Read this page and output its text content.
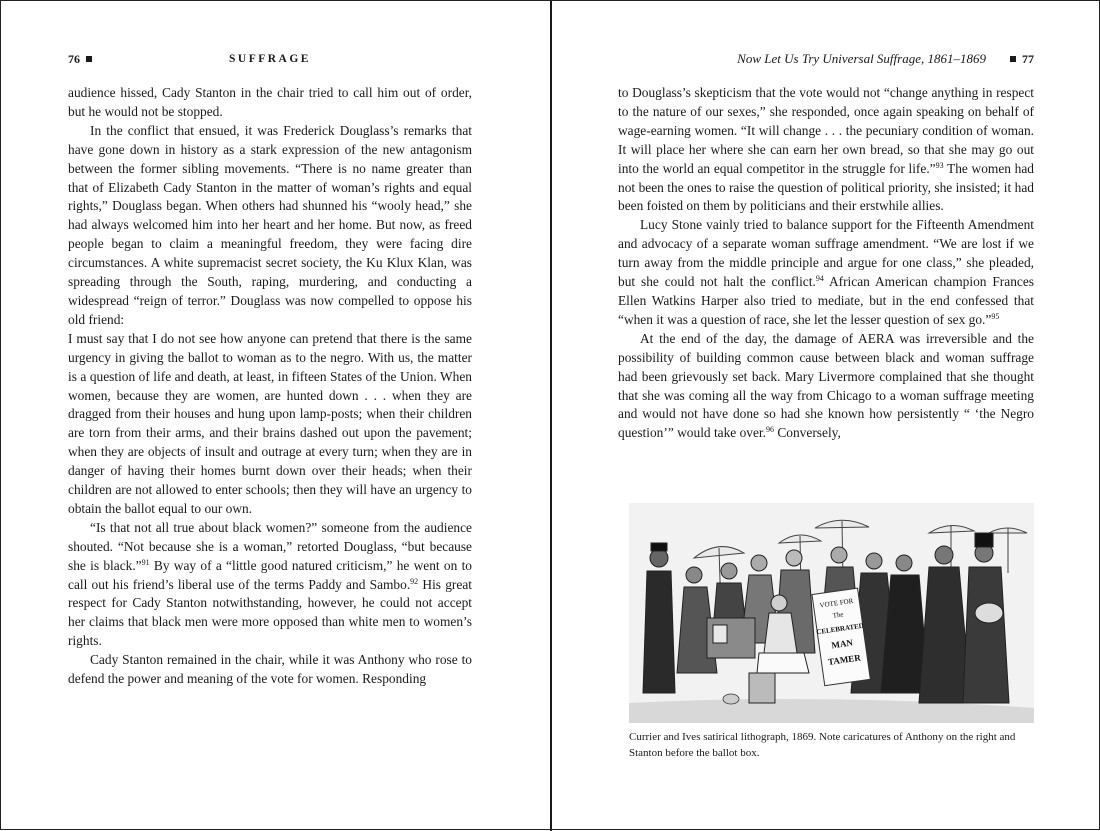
76	SUFFRAGE

audience hissed, Cady Stanton in the chair tried to call him out of order, but he would not be stopped.

In the conflict that ensued, it was Frederick Douglass’s remarks that have gone down in history as a stark expression of the new antagonism between the former sibling movements. “There is no name greater than that of Elizabeth Cady Stanton in the matter of woman’s rights and equal rights,” Douglass began. When others had shunned his “wooly head,” she had always welcomed him into her heart and her home. But now, as freed people began to claim a meaningful freedom, they were facing dire circumstances. A white supremacist secret society, the Ku Klux Klan, was spreading through the South, raping, murdering, and conducting a widespread “reign of terror.” Douglass was now compelled to oppose his old friend:

I must say that I do not see how anyone can pretend that there is the same urgency in giving the ballot to woman as to the negro. With us, the matter is a question of life and death, at least, in fifteen States of the Union. When women, because they are women, are hunted down . . . when they are dragged from their houses and hung upon lamp-posts; when their children are torn from their arms, and their brains dashed out upon the pavement; when they are objects of insult and outrage at every turn; when they are in danger of having their homes burnt down over their heads; when their children are not allowed to enter schools; then they will have an urgency to obtain the ballot equal to our own.

“Is that not all true about black women?” someone from the audience shouted. “Not because she is a woman,” retorted Douglass, “but because she is black.”$^{91}$ By way of a “little good natured criticism,” he went on to call out his friend’s liberal use of the terms Paddy and Sambo.$^{92}$ His great respect for Cady Stanton notwithstanding, however, he could not accept her claims that black men were more opposed than white men to women’s rights.

Cady Stanton remained in the chair, while it was Anthony who rose to defend the power and meaning of the vote for women. Responding

Now Let Us Try Universal Suffrage, 1861–1869	77

to Douglass’s skepticism that the vote would not “change anything in respect to the nature of our sexes,” she responded, once again speaking on behalf of wage-earning women. “It will change . . . the pecuniary condition of woman. It will place her where she can earn her own bread, so that she may go out into the world an equal competitor in the struggle for life.”$^{93}$ The women had not been the ones to raise the question of political priority, she insisted; it had been foisted on them by politicians and their erstwhile allies.

Lucy Stone vainly tried to balance support for the Fifteenth Amendment and advocacy of a separate woman suffrage amendment. “We are lost if we turn away from the middle principle and argue for one class,” she pleaded, but she could not halt the conflict.$^{94}$ African American champion Frances Ellen Watkins Harper also tried to mediate, but in the end confessed that “when it was a question of race, she let the lesser question of sex go.”$^{95}$

At the end of the day, the damage of AERA was irreversible and the possibility of building common cause between black and woman suffrage had been grievously set back. Mary Livermore complained that she thought that she was coming all the way from Chicago to a woman suffrage meeting and would not have done so had she known how persistently “ ‘the Negro question’” would take over.$^{96}$ Conversely,

VOTE FOR
The
CELEBRATED
MAN
TAMER
Currier and Ives satirical lithograph, 1869. Note caricatures of Anthony on the right and Stanton before the ballot box.
